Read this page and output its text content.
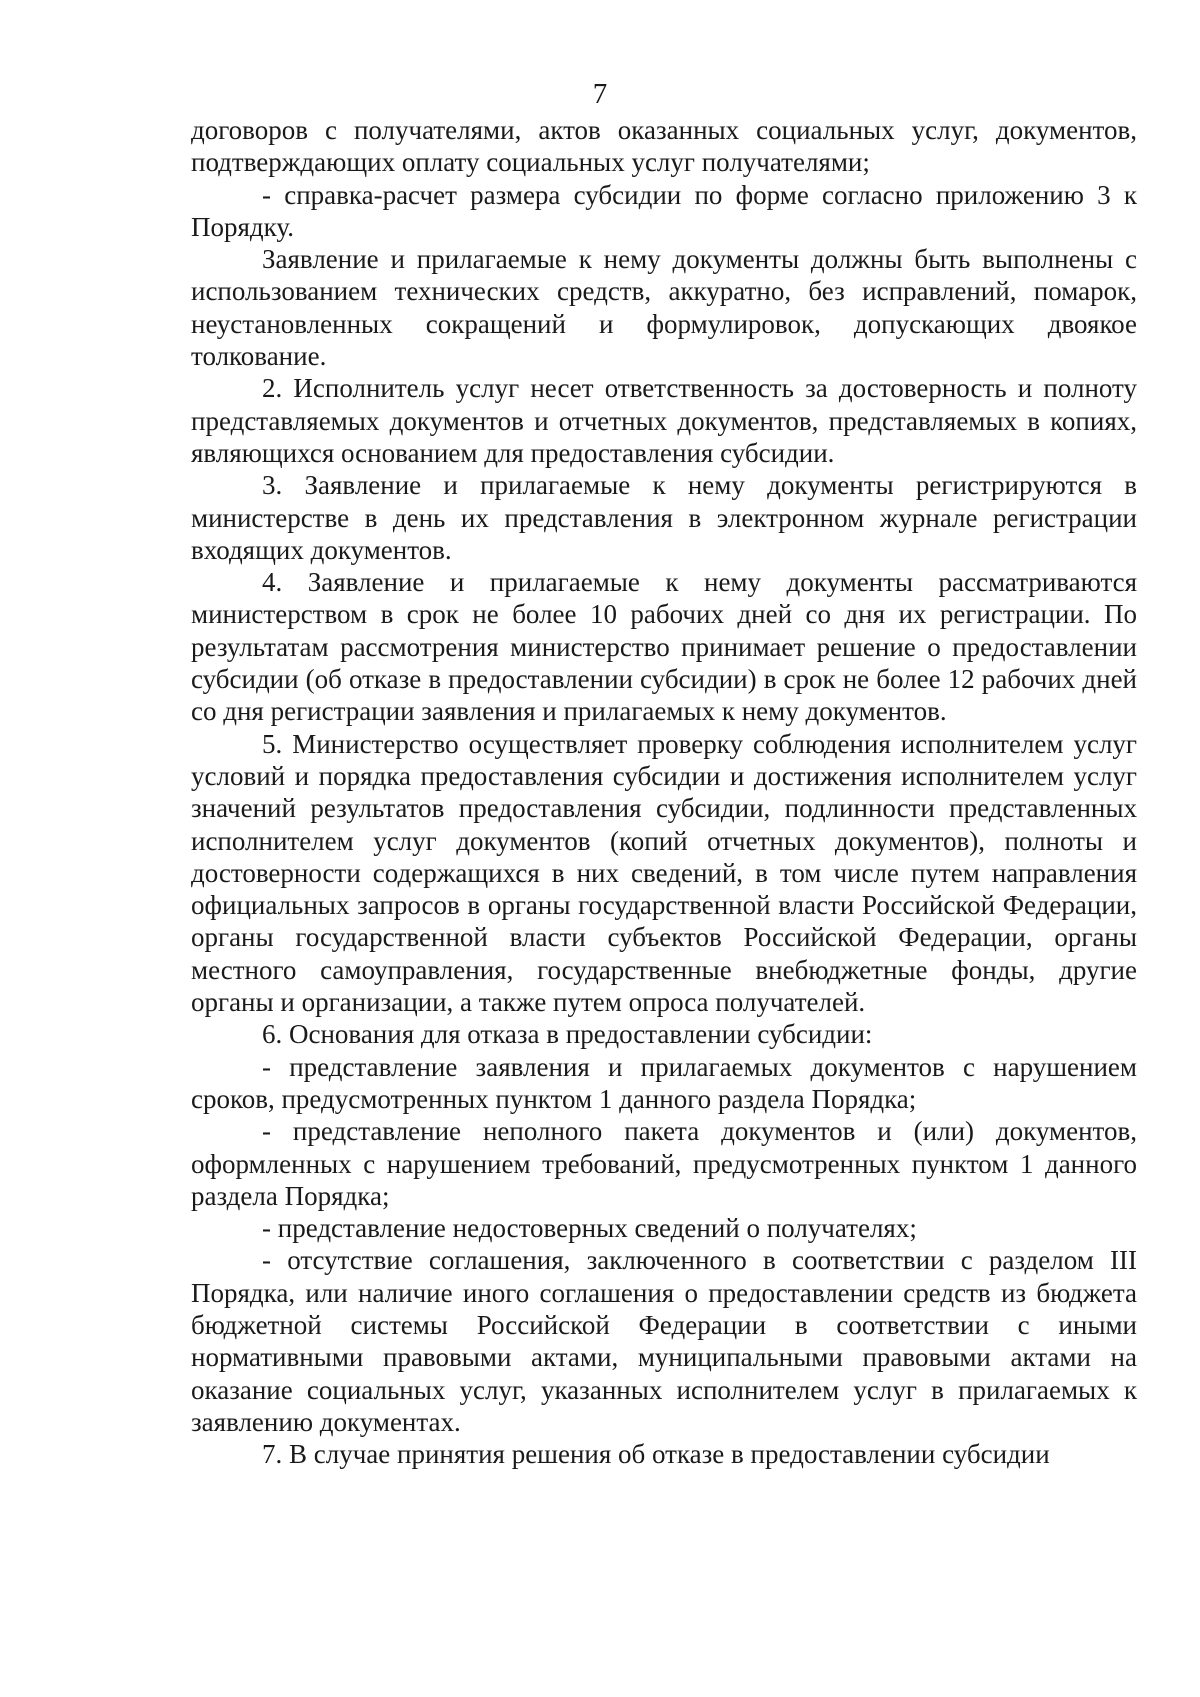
7

договоров с получателями, актов оказанных социальных услуг, документов, подтверждающих оплату социальных услуг получателями;

- справка-расчет размера субсидии по форме согласно приложению 3 к Порядку.

Заявление и прилагаемые к нему документы должны быть выполнены с использованием технических средств, аккуратно, без исправлений, помарок, неустановленных сокращений и формулировок, допускающих двоякое толкование.

2. Исполнитель услуг несет ответственность за достоверность и полноту представляемых документов и отчетных документов, представляемых в копиях, являющихся основанием для предоставления субсидии.

3. Заявление и прилагаемые к нему документы регистрируются в министерстве в день их представления в электронном журнале регистрации входящих документов.

4. Заявление и прилагаемые к нему документы рассматриваются министерством в срок не более 10 рабочих дней со дня их регистрации. По результатам рассмотрения министерство принимает решение о предоставлении субсидии (об отказе в предоставлении субсидии) в срок не более 12 рабочих дней со дня регистрации заявления и прилагаемых к нему документов.

5. Министерство осуществляет проверку соблюдения исполнителем услуг условий и порядка предоставления субсидии и достижения исполнителем услуг значений результатов предоставления субсидии, подлинности представленных исполнителем услуг документов (копий отчетных документов), полноты и достоверности содержащихся в них сведений, в том числе путем направления официальных запросов в органы государственной власти Российской Федерации, органы государственной власти субъектов Российской Федерации, органы местного самоуправления, государственные внебюджетные фонды, другие органы и организации, а также путем опроса получателей.

6. Основания для отказа в предоставлении субсидии:

- представление заявления и прилагаемых документов с нарушением сроков, предусмотренных пунктом 1 данного раздела Порядка;

- представление неполного пакета документов и (или) документов, оформленных с нарушением требований, предусмотренных пунктом 1 данного раздела Порядка;

- представление недостоверных сведений о получателях;

- отсутствие соглашения, заключенного в соответствии с разделом III Порядка, или наличие иного соглашения о предоставлении средств из бюджета бюджетной системы Российской Федерации в соответствии с иными нормативными правовыми актами, муниципальными правовыми актами на оказание социальных услуг, указанных исполнителем услуг в прилагаемых к заявлению документах.

7. В случае принятия решения об отказе в предоставлении субсидии
